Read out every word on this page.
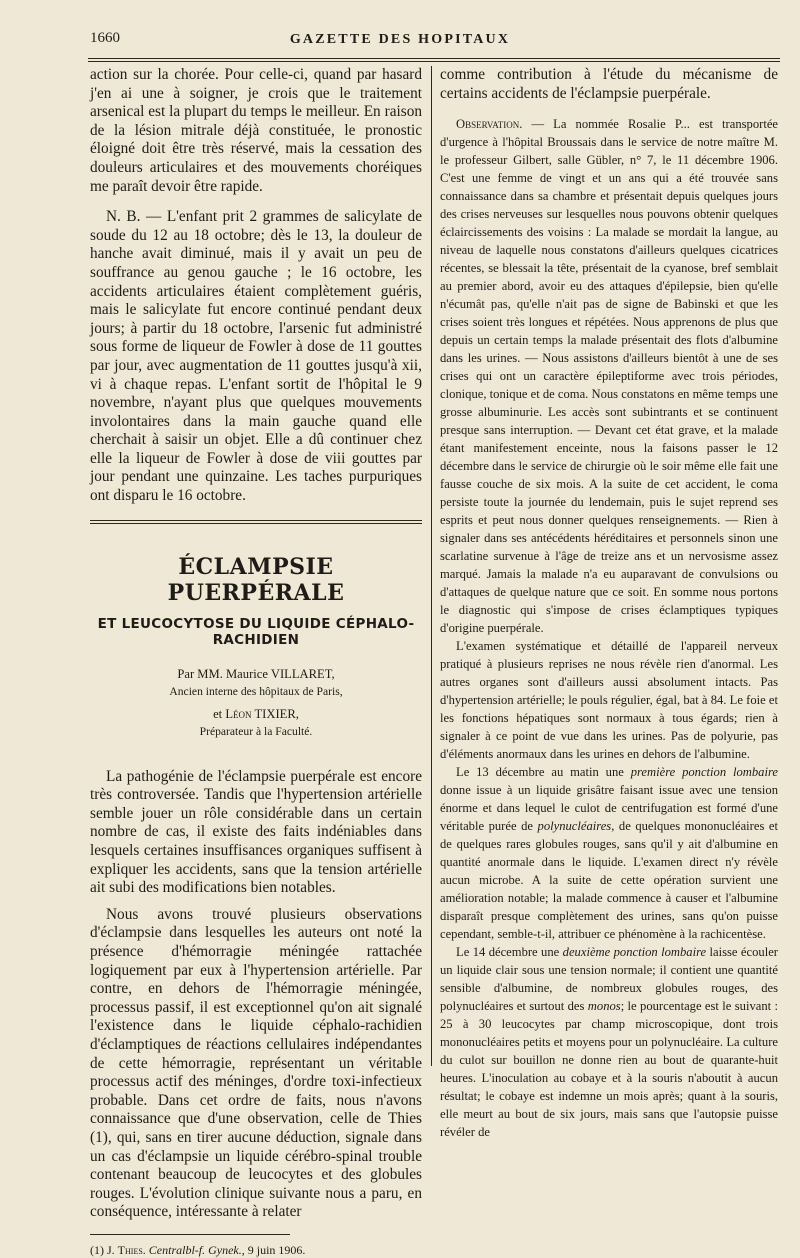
1660	GAZETTE DES HOPITAUX

action sur la chorée. Pour celle-ci, quand par hasard j'en ai une à soigner, je crois que le traitement arsenical est la plupart du temps le meilleur. En raison de la lésion mitrale déjà constituée, le pronostic éloigné doit être très réservé, mais la cessation des douleurs articulaires et des mouvements choréiques me paraît devoir être rapide.

N. B. — L'enfant prit 2 grammes de salicylate de soude du 12 au 18 octobre; dès le 13, la douleur de hanche avait diminué, mais il y avait un peu de souffrance au genou gauche ; le 16 octobre, les accidents articulaires étaient complètement guéris, mais le salicylate fut encore continué pendant deux jours; à partir du 18 octobre, l'arsenic fut administré sous forme de liqueur de Fowler à dose de 11 gouttes par jour, avec augmentation de 11 gouttes jusqu'à xii, vi à chaque repas. L'enfant sortit de l'hôpital le 9 novembre, n'ayant plus que quelques mouvements involontaires dans la main gauche quand elle cherchait à saisir un objet. Elle a dû continuer chez elle la liqueur de Fowler à dose de viii gouttes par jour pendant une quinzaine. Les taches purpuriques ont disparu le 16 octobre.

ÉCLAMPSIE PUERPÉRALE
ET LEUCOCYTOSE DU LIQUIDE CÉPHALO-RACHIDIEN
Par MM. Maurice VILLARET,
Ancien interne des hôpitaux de Paris,
et Léon TIXIER,
Préparateur à la Faculté.

La pathogénie de l'éclampsie puerpérale est encore très controversée. Tandis que l'hypertension artérielle semble jouer un rôle considérable dans un certain nombre de cas, il existe des faits indéniables dans lesquels certaines insuffisances organiques suffisent à expliquer les accidents, sans que la tension artérielle ait subi des modifications bien notables.

Nous avons trouvé plusieurs observations d'éclampsie dans lesquelles les auteurs ont noté la présence d'hémorragie méningée rattachée logiquement par eux à l'hypertension artérielle. Par contre, en dehors de l'hémorragie méningée, processus passif, il est exceptionnel qu'on ait signalé l'existence dans le liquide céphalo-rachidien d'éclamptiques de réactions cellulaires indépendantes de cette hémorragie, représentant un véritable processus actif des méninges, d'ordre toxi-infectieux probable. Dans cet ordre de faits, nous n'avons connaissance que d'une observation, celle de Thies (1), qui, sans en tirer aucune déduction, signale dans un cas d'éclampsie un liquide cérébro-spinal trouble contenant beaucoup de leucocytes et des globules rouges. L'évolution clinique suivante nous a paru, en conséquence, intéressante à relater

(1) J. Thies. Centralbl-f. Gynek., 9 juin 1906.

comme contribution à l'étude du mécanisme de certains accidents de l'éclampsie puerpérale.

Observation. — La nommée Rosalie P... est transportée d'urgence à l'hôpital Broussais dans le service de notre maître M. le professeur Gilbert, salle Gübler, n° 7, le 11 décembre 1906. C'est une femme de vingt et un ans qui a été trouvée sans connaissance dans sa chambre et présentait depuis quelques jours des crises nerveuses sur lesquelles nous pouvons obtenir quelques éclaircissements des voisins : La malade se mordait la langue, au niveau de laquelle nous constatons d'ailleurs quelques cicatrices récentes, se blessait la tête, présentait de la cyanose, bref semblait au premier abord, avoir eu des attaques d'épilepsie, bien qu'elle n'écumât pas, qu'elle n'ait pas de signe de Babinski et que les crises soient très longues et répétées. Nous apprenons de plus que depuis un certain temps la malade présentait des flots d'albumine dans les urines. — Nous assistons d'ailleurs bientôt à une de ses crises qui ont un caractère épileptiforme avec trois périodes, clonique, tonique et de coma. Nous constatons en même temps une grosse albuminurie. Les accès sont subintrants et se continuent presque sans interruption. — Devant cet état grave, et la malade étant manifestement enceinte, nous la faisons passer le 12 décembre dans le service de chirurgie où le soir même elle fait une fausse couche de six mois. A la suite de cet accident, le coma persiste toute la journée du lendemain, puis le sujet reprend ses esprits et peut nous donner quelques renseignements. — Rien à signaler dans ses antécédents héréditaires et personnels sinon une scarlatine survenue à l'âge de treize ans et un nervosisme assez marqué. Jamais la malade n'a eu auparavant de convulsions ou d'attaques de quelque nature que ce soit. En somme nous portons le diagnostic qui s'impose de crises éclamptiques typiques d'origine puerpérale.

L'examen systématique et détaillé de l'appareil nerveux pratiqué à plusieurs reprises ne nous révèle rien d'anormal. Les autres organes sont d'ailleurs aussi absolument intacts. Pas d'hypertension artérielle; le pouls régulier, égal, bat à 84. Le foie et les fonctions hépatiques sont normaux à tous égards; rien à signaler à ce point de vue dans les urines. Pas de polyurie, pas d'éléments anormaux dans les urines en dehors de l'albumine.

Le 13 décembre au matin une première ponction lombaire donne issue à un liquide grisâtre faisant issue avec une tension énorme et dans lequel le culot de centrifugation est formé d'une véritable purée de polynucléaires, de quelques mononucléaires et de quelques rares globules rouges, sans qu'il y ait d'albumine en quantité anormale dans le liquide. L'examen direct n'y révèle aucun microbe. A la suite de cette opération survient une amélioration notable; la malade commence à causer et l'albumine disparaît presque complètement des urines, sans qu'on puisse cependant, semble-t-il, attribuer ce phénomène à la rachicentèse.

Le 14 décembre une deuxième ponction lombaire laisse écouler un liquide clair sous une tension normale; il contient une quantité sensible d'albumine, de nombreux globules rouges, des polynucléaires et surtout des monos; le pourcentage est le suivant : 25 à 30 leucocytes par champ microscopique, dont trois mononucléaires petits et moyens pour un polynucléaire. La culture du culot sur bouillon ne donne rien au bout de quarante-huit heures. L'inoculation au cobaye et à la souris n'aboutit à aucun résultat; le cobaye est indemne un mois après; quant à la souris, elle meurt au bout de six jours, mais sans que l'autopsie puisse révéler de
